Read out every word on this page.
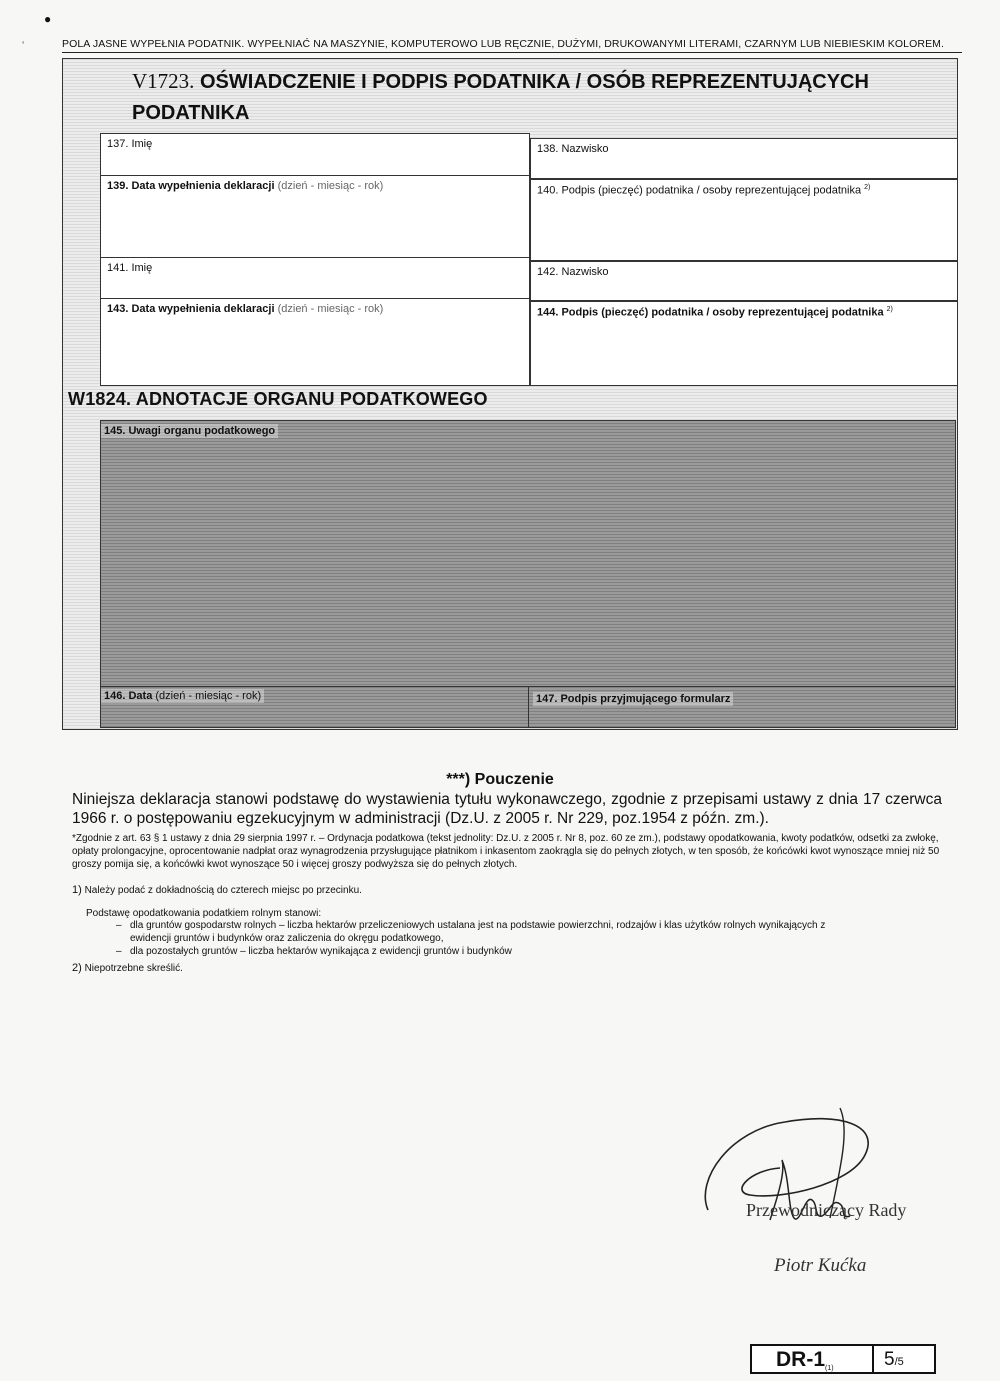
●
‘	POLA JASNE WYPEŁNIA PODATNIK. WYPEŁNIAĆ NA MASZYNIE, KOMPUTEROWO LUB RĘCZNIE, DUŻYMI, DRUKOWANYMI LITERAMI, CZARNYM LUB NIEBIESKIM KOLOREM.
V1723. OŚWIADCZENIE I PODPIS PODATNIKA / OSÓB REPREZENTUJĄCYCH
PODATNIKA
137. Imię	138. Nazwisko
139. Data wypełnienia deklaracji (dzień - miesiąc - rok)	140. Podpis (pieczęć) podatnika / osoby reprezentującej podatnika $^{2)}$
141. Imię	142. Nazwisko
143. Data wypełnienia deklaracji (dzień - miesiąc - rok)	144. Podpis (pieczęć) podatnika / osoby reprezentującej podatnika $^{2)}$
W1824. ADNOTACJE ORGANU PODATKOWEGO
145. Uwagi organu podatkowego
146. Data (dzień - miesiąc - rok)	147. Podpis przyjmującego formularz
***) Pouczenie
Niniejsza deklaracja stanowi podstawę do wystawienia tytułu wykonawczego, zgodnie z przepisami ustawy z dnia 17 czerwca 1966 r. o postępowaniu egzekucyjnym w administracji (Dz.U. z 2005 r. Nr 229, poz.1954 z późn. zm.).
*Zgodnie z art. 63 § 1 ustawy z dnia 29 sierpnia 1997 r. – Ordynacja podatkowa (tekst jednolity: Dz.U. z 2005 r. Nr 8, poz. 60 ze zm.), podstawy opodatkowania, kwoty podatków, odsetki za zwłokę, opłaty prolongacyjne, oprocentowanie nadpłat oraz wynagrodzenia przysługujące płatnikom i inkasentom zaokrągla się do pełnych złotych, w ten sposób, że końcówki kwot wynoszące mniej niż 50 groszy pomija się, a końcówki kwot wynoszące 50 i więcej groszy podwyższa się do pełnych złotych.
1) Należy podać z dokładnością do czterech miejsc po przecinku.
Podstawę opodatkowania podatkiem rolnym stanowi:
– dla gruntów gospodarstw rolnych – liczba hektarów przeliczeniowych ustalana jest na podstawie powierzchni, rodzajów i klas użytków rolnych wynikających z
ewidencji gruntów i budynków oraz zaliczenia do okręgu podatkowego,
– dla pozostałych gruntów – liczba hektarów wynikająca z ewidencji gruntów i budynków
2) Niepotrzebne skreślić.
Przewodniczący Rady
Piotr Kućka
DR-1(1)	5/5
